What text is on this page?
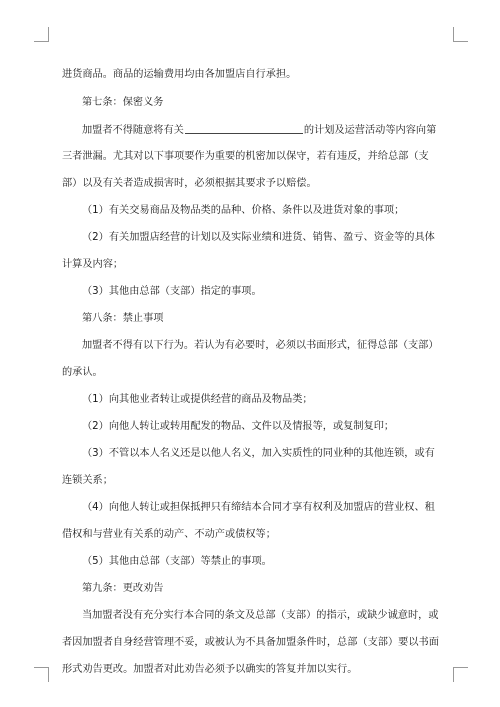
进货商品。商品的运输费用均由各加盟店自行承担。
第七条：保密义务
加盟者不得随意将有关	的计划及运营活动等内容向第
三者泄漏。尤其对以下事项要作为重要的机密加以保守，若有违反，并给总部（支
部）以及有关者造成损害时，必须根据其要求予以赔偿。
（1）有关交易商品及物品类的品种、价格、条件以及进货对象的事项；
（2）有关加盟店经营的计划以及实际业绩和进货、销售、盈亏、资金等的具体
计算及内容；
（3）其他由总部（支部）指定的事项。
第八条：禁止事项
加盟者不得有以下行为。若认为有必要时，必须以书面形式，征得总部（支部）
的承认。
（1）向其他业者转让或提供经营的商品及物品类；
（2）向他人转让或转用配发的物品、文件以及情报等，或复制复印；
（3）不管以本人名义还是以他人名义，加入实质性的同业种的其他连锁，或有
连锁关系；
（4）向他人转让或担保抵押只有缔结本合同才享有权利及加盟店的营业权、租
借权和与营业有关系的动产、不动产或债权等；
（5）其他由总部（支部）等禁止的事项。
第九条：更改劝告
当加盟者没有充分实行本合同的条文及总部（支部）的指示，或缺少诚意时，或
者因加盟者自身经营管理不妥，或被认为不具备加盟条件时，总部（支部）要以书面
形式劝告更改。加盟者对此劝告必须予以确实的答复并加以实行。
